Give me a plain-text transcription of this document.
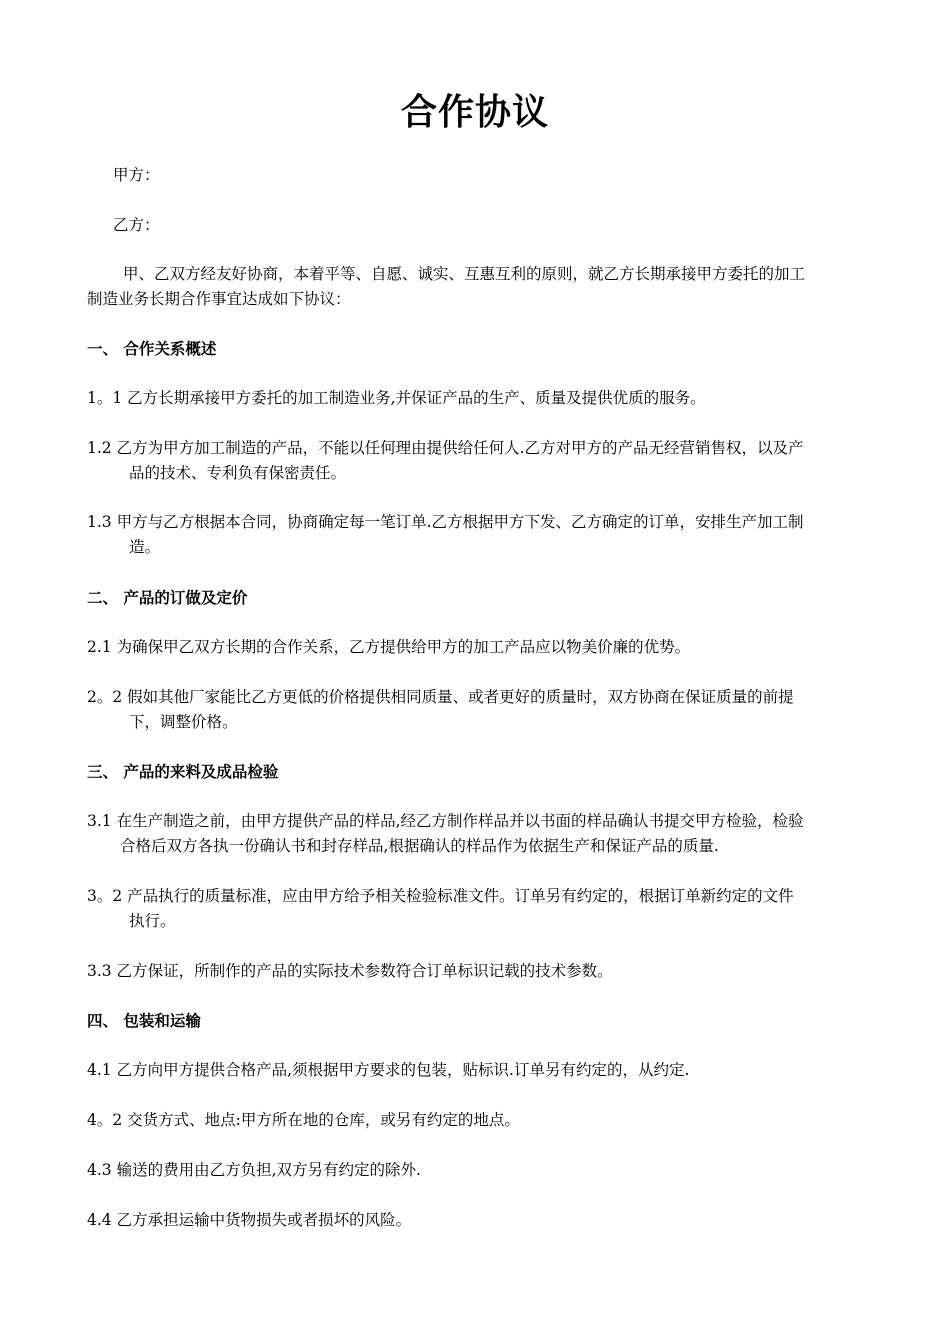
合作协议
甲方：
乙方：
甲、乙双方经友好协商，本着平等、自愿、诚实、互惠互利的原则，就乙方长期承接甲方委托的加工
制造业务长期合作事宜达成如下协议：
一、 合作关系概述
1。1 乙方长期承接甲方委托的加工制造业务,并保证产品的生产、质量及提供优质的服务。
1.2 乙方为甲方加工制造的产品，不能以任何理由提供给任何人.乙方对甲方的产品无经营销售权，以及产
品的技术、专利负有保密责任。
1.3 甲方与乙方根据本合同，协商确定每一笔订单.乙方根据甲方下发、乙方确定的订单，安排生产加工制
造。
二、 产品的订做及定价
2.1 为确保甲乙双方长期的合作关系，乙方提供给甲方的加工产品应以物美价廉的优势。
2。2 假如其他厂家能比乙方更低的价格提供相同质量、或者更好的质量时，双方协商在保证质量的前提
下，调整价格。
三、 产品的来料及成品检验
3.1 在生产制造之前，由甲方提供产品的样品,经乙方制作样品并以书面的样品确认书提交甲方检验，检验
合格后双方各执一份确认书和封存样品,根据确认的样品作为依据生产和保证产品的质量.
3。2 产品执行的质量标准，应由甲方给予相关检验标准文件。订单另有约定的，根据订单新约定的文件
执行。
3.3 乙方保证，所制作的产品的实际技术参数符合订单标识记载的技术参数。
四、 包装和运输
4.1 乙方向甲方提供合格产品,须根据甲方要求的包装，贴标识.订单另有约定的，从约定.
4。2 交货方式、地点:甲方所在地的仓库，或另有约定的地点。
4.3 输送的费用由乙方负担,双方另有约定的除外.
4.4 乙方承担运输中货物损失或者损坏的风险。
